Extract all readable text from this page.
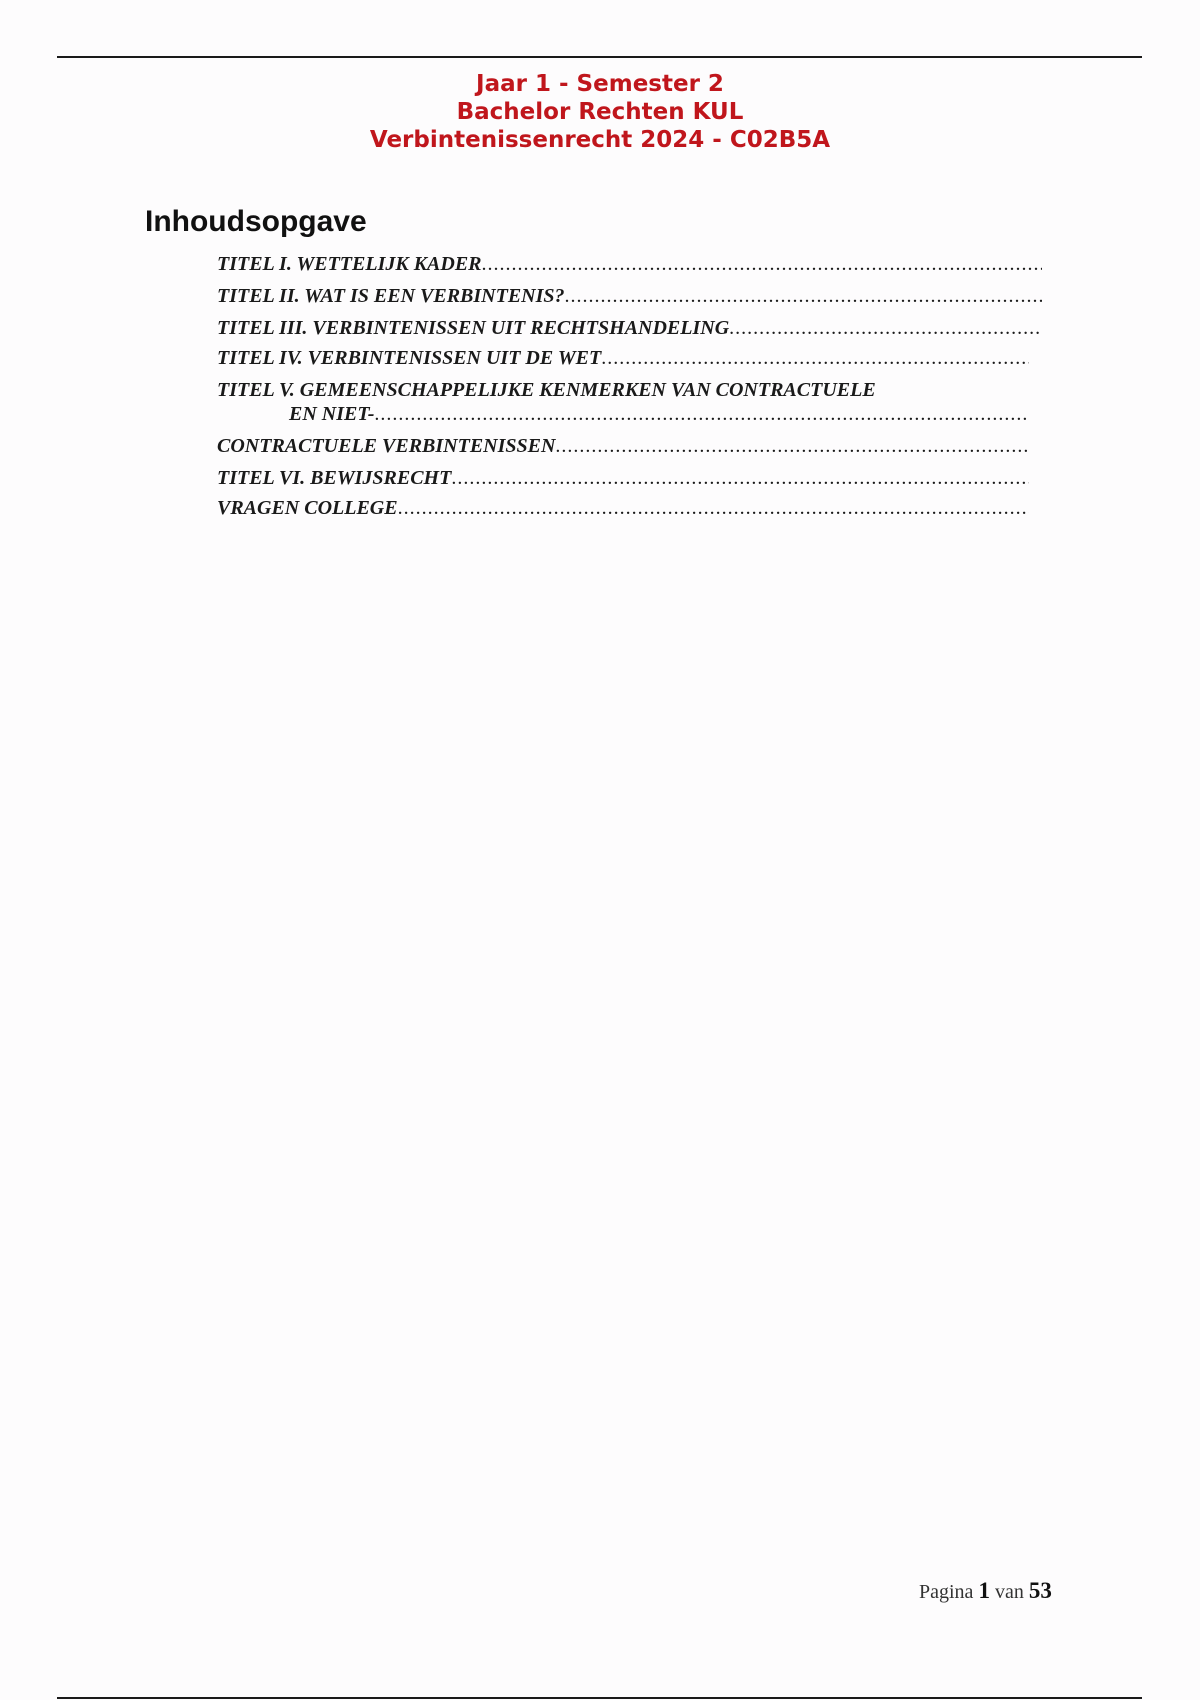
Jaar 1 - Semester 2
Bachelor Rechten KUL
Verbintenissenrecht 2024 - C02B5A
Inhoudsopgave
TITEL I. WETTELIJK KADER
.....
TITEL II. WAT IS EEN VERBINTENIS?
.....
TITEL III. VERBINTENISSEN UIT RECHTSHANDELING
.....
TITEL IV. VERBINTENISSEN UIT DE WET
.....
TITEL V. GEMEENSCHAPPELIJKE KENMERKEN VAN CONTRACTUELE
EN NIET-
.....
CONTRACTUELE VERBINTENISSEN
.....
TITEL VI. BEWIJSRECHT
.....
VRAGEN COLLEGE
.....
Pagina 1 van 53
